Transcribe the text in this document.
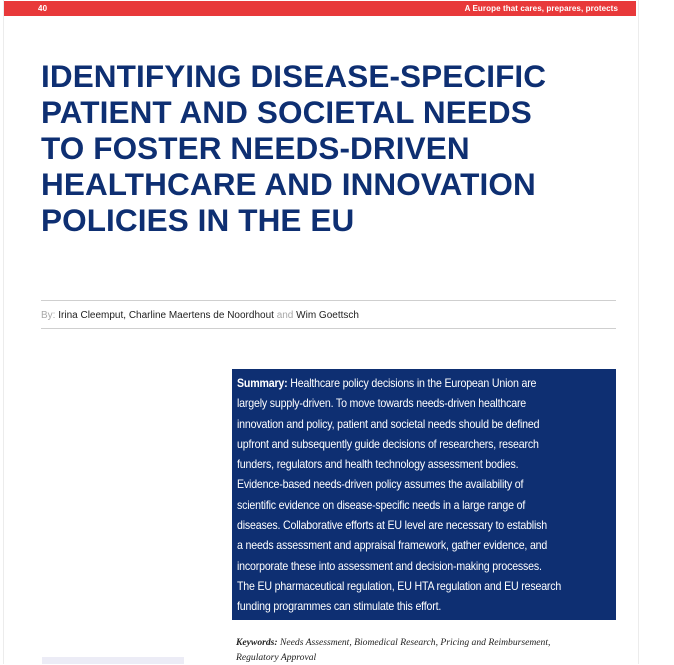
40	A Europe that cares, prepares, protects
IDENTIFYING DISEASE-SPECIFIC
PATIENT AND SOCIETAL NEEDS
TO FOSTER NEEDS-DRIVEN
HEALTHCARE AND INNOVATION
POLICIES IN THE EU
By: Irina Cleemput, Charline Maertens de Noordhout and Wim Goettsch
Summary: Healthcare policy decisions in the European Union are
largely supply-driven. To move towards needs-driven healthcare
innovation and policy, patient and societal needs should be defined
upfront and subsequently guide decisions of researchers, research
funders, regulators and health technology assessment bodies.
Evidence-based needs-driven policy assumes the availability of
scientific evidence on disease-specific needs in a large range of
diseases. Collaborative efforts at EU level are necessary to establish
a needs assessment and appraisal framework, gather evidence, and
incorporate these into assessment and decision-making processes.
The EU pharmaceutical regulation, EU HTA regulation and EU research
funding programmes can stimulate this effort.
Keywords: Needs Assessment, Biomedical Research, Pricing and Reimbursement,
Regulatory Approval
